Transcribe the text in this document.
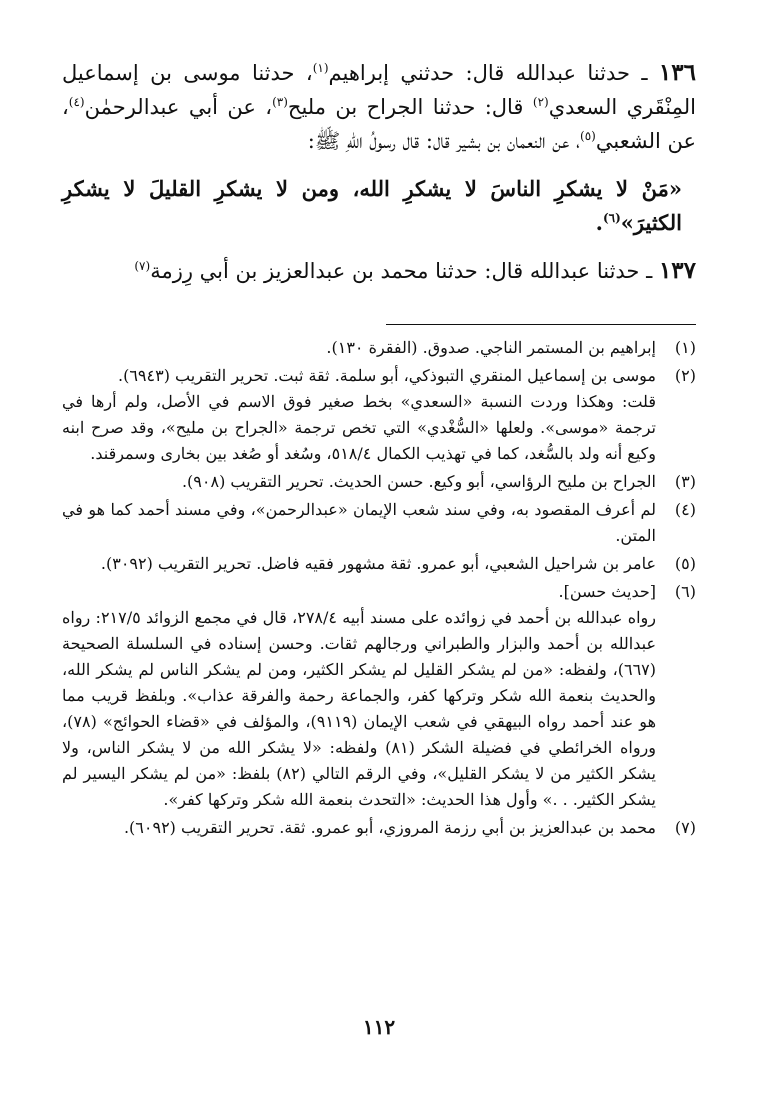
١٣٦ ـ حدثنا عبدالله قال: حدثني إبراهيم$^{(١)}$، حدثنا موسى بن إسماعيل المِنْقَري السعدي$^{(٢)}$ قال: حدثنا الجراح بن مليح$^{(٣)}$، عن أبي عبدالرحمٰن$^{(٤)}$، عن الشعبي$^{(٥)}$، عن النعمان بن بشير قال: قال رسولُ اللّهِ ﷺ:

«مَنْ لا يشكرِ الناسَ لا يشكرِ الله، ومن لا يشكرِ القليلَ لا يشكرِ الكثيرَ»$^{(٦)}$.

١٣٧ ـ حدثنا عبدالله قال: حدثنا محمد بن عبدالعزيز بن أبي رِزمة$^{(٧)}$

(١)

إبراهيم بن المستمر الناجي. صدوق. (الفقرة ١٣٠).

(٢)

موسى بن إسماعيل المنقري التبوذكي، أبو سلمة. ثقة ثبت. تحرير التقريب (٦٩٤٣).

قلت: وهكذا وردت النسبة «السعدي» بخط صغير فوق الاسم في الأصل، ولم أرها في ترجمة «موسى». ولعلها «السُّغْدي» التي تخص ترجمة «الجراح بن مليح»، وقد صرح ابنه وكيع أنه ولد بالسُّغد، كما في تهذيب الكمال ٥١٨/٤، وسُغد أو صُغد بين بخارى وسمرقند.

(٣)

الجراح بن مليح الرؤاسي، أبو وكيع. حسن الحديث. تحرير التقريب (٩٠٨).

(٤)

لم أعرف المقصود به، وفي سند شعب الإيمان «عبدالرحمن»، وفي مسند أحمد كما هو في المتن.

(٥)

عامر بن شراحيل الشعبي، أبو عمرو. ثقة مشهور فقيه فاضل. تحرير التقريب (٣٠٩٢).

(٦)

[حديث حسن].

رواه عبدالله بن أحمد في زوائده على مسند أبيه ٢٧٨/٤، قال في مجمع الزوائد ٢١٧/٥: رواه عبدالله بن أحمد والبزار والطبراني ورجالهم ثقات. وحسن إسناده في السلسلة الصحيحة (٦٦٧)، ولفظه: «من لم يشكر القليل لم يشكر الكثير، ومن لم يشكر الناس لم يشكر الله، والحديث بنعمة الله شكر وتركها كفر، والجماعة رحمة والفرقة عذاب». وبلفظ قريب مما هو عند أحمد رواه البيهقي في شعب الإيمان (٩١١٩)، والمؤلف في «قضاء الحوائج» (٧٨)، ورواه الخرائطي في فضيلة الشكر (٨١) ولفظه: «لا يشكر الله من لا يشكر الناس، ولا يشكر الكثير من لا يشكر القليل»، وفي الرقم التالي (٨٢) بلفظ: «من لم يشكر اليسير لم يشكر الكثير. . .» وأول هذا الحديث: «التحدث بنعمة الله شكر وتركها كفر».

(٧)

محمد بن عبدالعزيز بن أبي رزمة المروزي، أبو عمرو. ثقة. تحرير التقريب (٦٠٩٢).

١١٢
